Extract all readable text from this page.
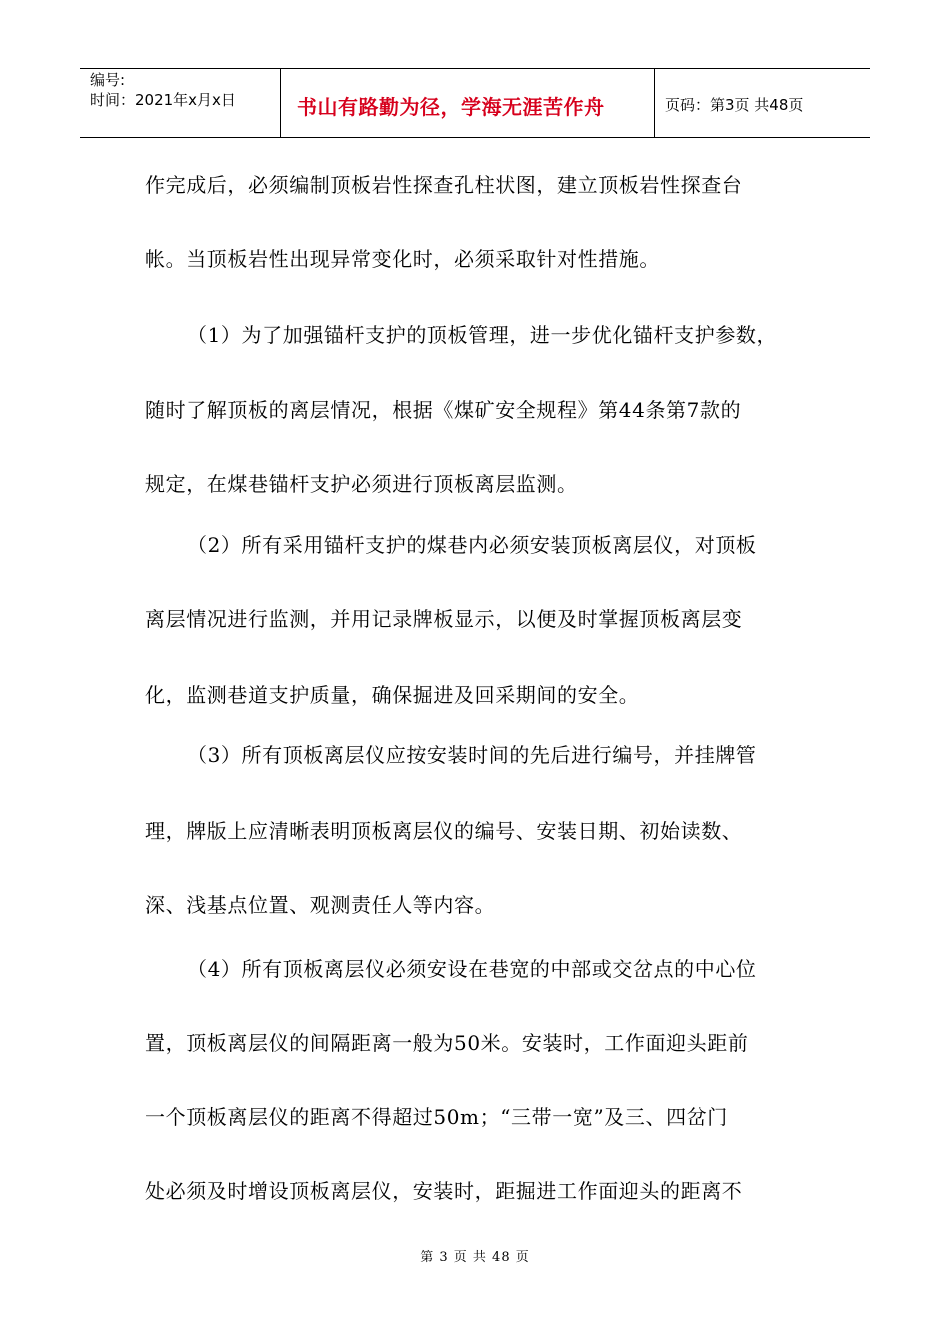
编号:
时间：2021年x月x日	书山有路勤为径，学海无涯苦作舟	页码：第3页 共48页
作完成后，必须编制顶板岩性探查孔柱状图，建立顶板岩性探查台
帐。当顶板岩性出现异常变化时，必须采取针对性措施。
（1）为了加强锚杆支护的顶板管理，进一步优化锚杆支护参数，
随时了解顶板的离层情况，根据《煤矿安全规程》第44条第7款的
规定，在煤巷锚杆支护必须进行顶板离层监测。
（2）所有采用锚杆支护的煤巷内必须安装顶板离层仪，对顶板
离层情况进行监测，并用记录牌板显示，以便及时掌握顶板离层变
化，监测巷道支护质量，确保掘进及回采期间的安全。
（3）所有顶板离层仪应按安装时间的先后进行编号，并挂牌管
理，牌版上应清晰表明顶板离层仪的编号、安装日期、初始读数、
深、浅基点位置、观测责任人等内容。
（4）所有顶板离层仪必须安设在巷宽的中部或交岔点的中心位
置，顶板离层仪的间隔距离一般为50米。安装时，工作面迎头距前
一个顶板离层仪的距离不得超过50m；“三带一宽”及三、四岔门
处必须及时增设顶板离层仪，安装时，距掘进工作面迎头的距离不
第 3 页 共 48 页
